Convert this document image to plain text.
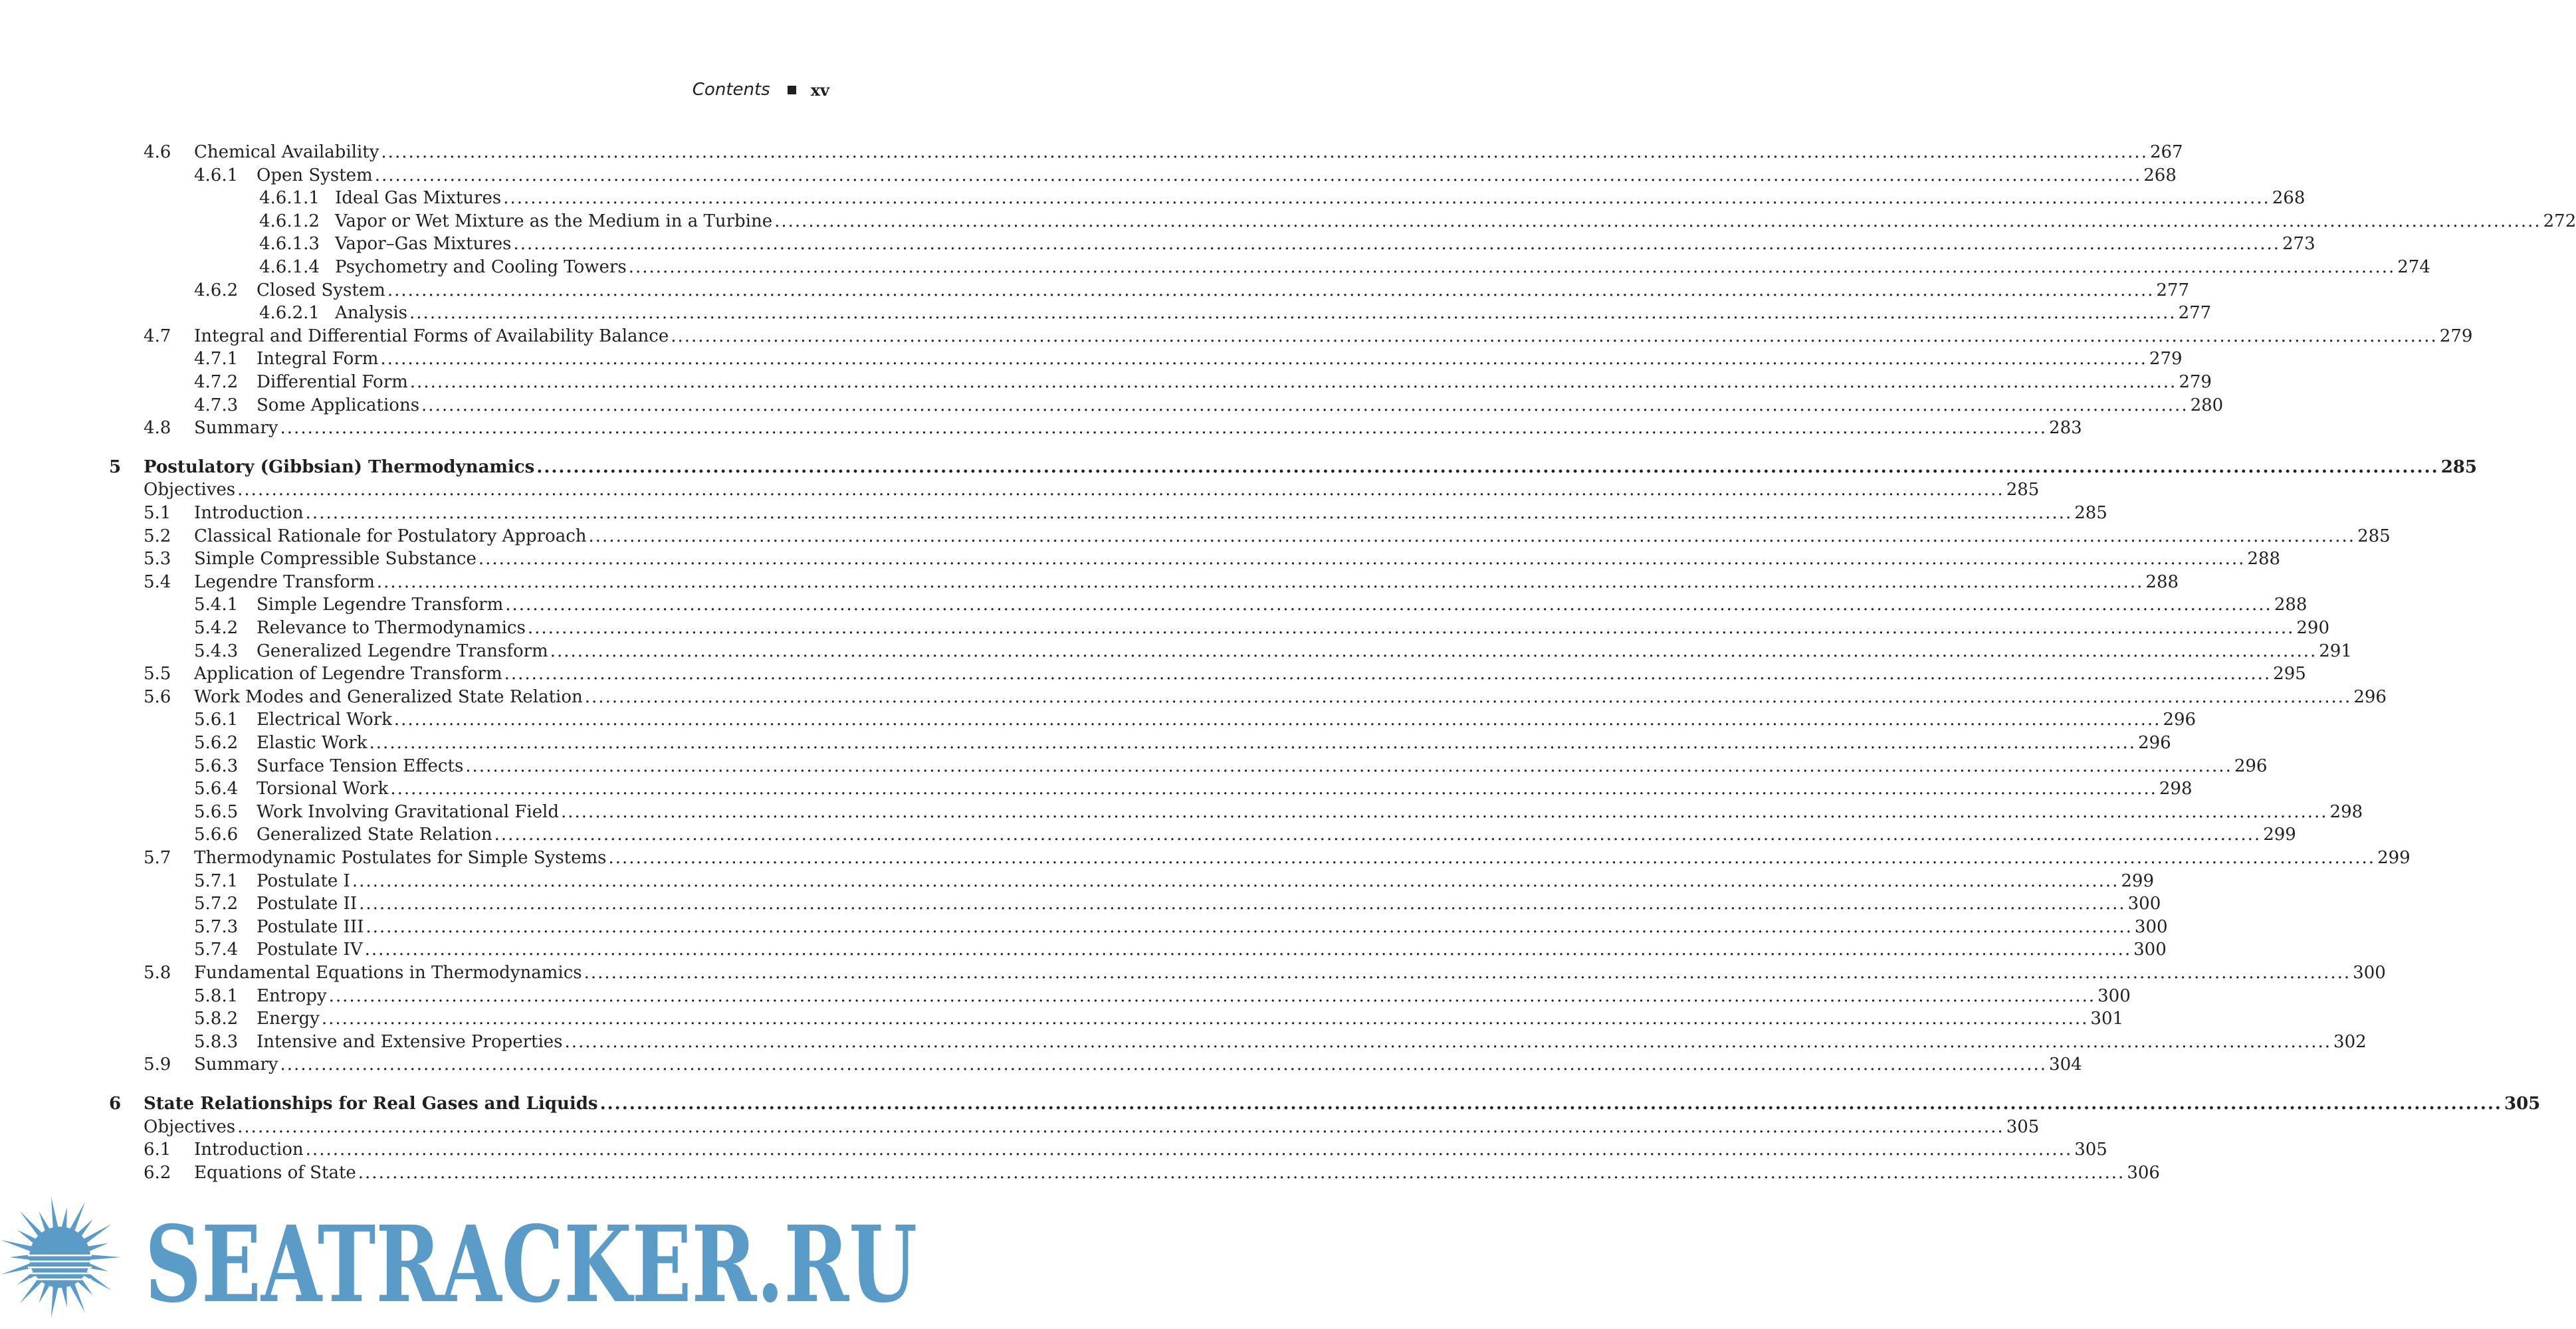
Contents	xv
4.6 Chemical Availability .....	267
4.6.1 Open System .....	268
4.6.1.1 Ideal Gas Mixtures .....	268
4.6.1.2 Vapor or Wet Mixture as the Medium in a Turbine .....	272
4.6.1.3 Vapor–Gas Mixtures .....	273
4.6.1.4 Psychometry and Cooling Towers .....	274
4.6.2 Closed System .....	277
4.6.2.1 Analysis .....	277
4.7 Integral and Differential Forms of Availability Balance .....	279
4.7.1 Integral Form .....	279
4.7.2 Differential Form .....	279
4.7.3 Some Applications .....	280
4.8 Summary .....	283
5 Postulatory (Gibbsian) Thermodynamics .....	285
Objectives .....	285
5.1 Introduction .....	285
5.2 Classical Rationale for Postulatory Approach .....	285
5.3 Simple Compressible Substance .....	288
5.4 Legendre Transform .....	288
5.4.1 Simple Legendre Transform .....	288
5.4.2 Relevance to Thermodynamics .....	290
5.4.3 Generalized Legendre Transform .....	291
5.5 Application of Legendre Transform .....	295
5.6 Work Modes and Generalized State Relation .....	296
5.6.1 Electrical Work .....	296
5.6.2 Elastic Work .....	296
5.6.3 Surface Tension Effects .....	296
5.6.4 Torsional Work .....	298
5.6.5 Work Involving Gravitational Field .....	298
5.6.6 Generalized State Relation .....	299
5.7 Thermodynamic Postulates for Simple Systems .....	299
5.7.1 Postulate I .....	299
5.7.2 Postulate II .....	300
5.7.3 Postulate III .....	300
5.7.4 Postulate IV .....	300
5.8 Fundamental Equations in Thermodynamics .....	300
5.8.1 Entropy .....	300
5.8.2 Energy .....	301
5.8.3 Intensive and Extensive Properties .....	302
5.9 Summary .....	304
6 State Relationships for Real Gases and Liquids .....	305
Objectives .....	305
6.1 Introduction .....	305
6.2 Equations of State .....	306
SEATRACKER.RU
